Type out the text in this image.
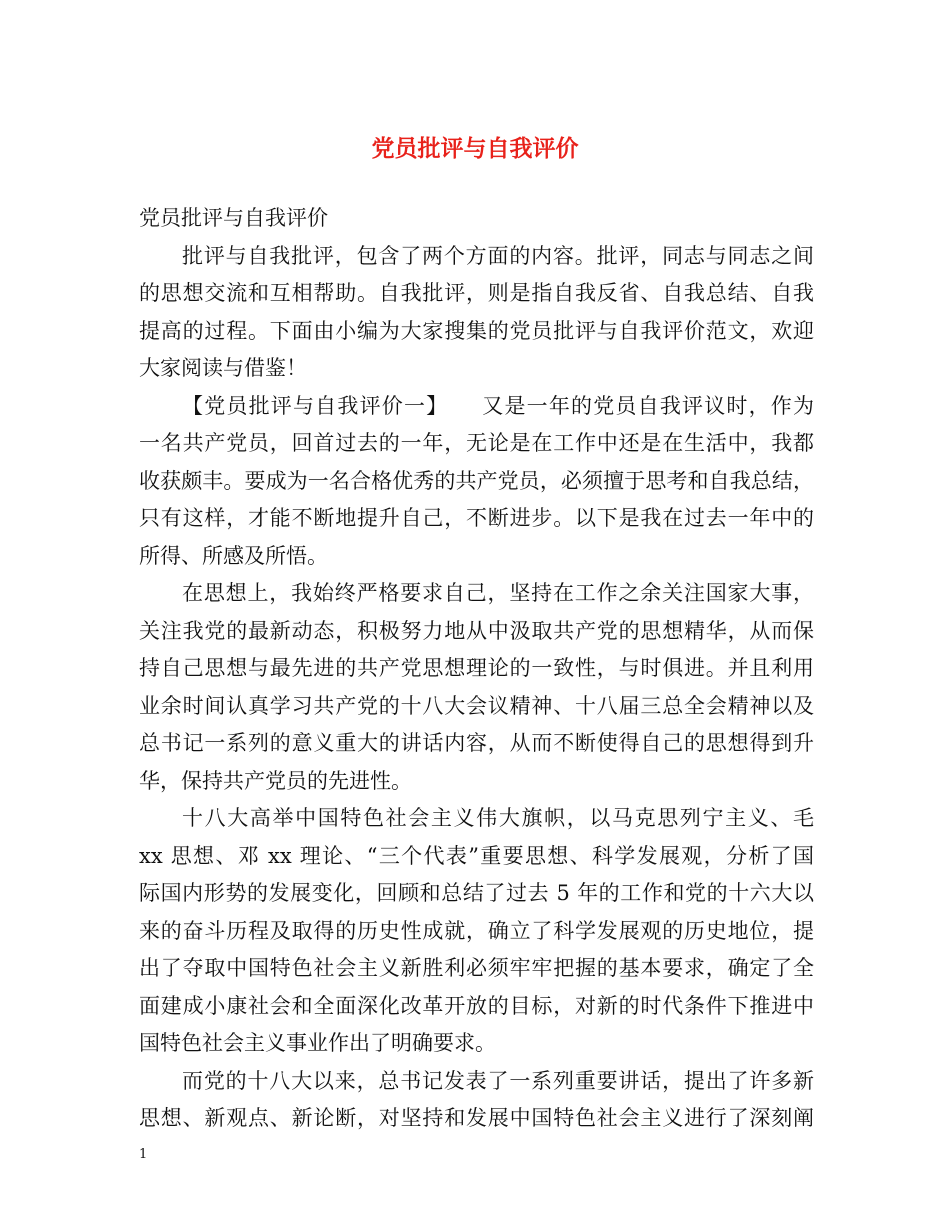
党员批评与自我评价
党员批评与自我评价
批评与自我批评，包含了两个方面的内容。批评，同志与同志之间
的思想交流和互相帮助。自我批评，则是指自我反省、自我总结、自我
提高的过程。下面由小编为大家搜集的党员批评与自我评价范文，欢迎
大家阅读与借鉴！
【党员批评与自我评价一】　　又是一年的党员自我评议时，作为
一名共产党员，回首过去的一年，无论是在工作中还是在生活中，我都
收获颇丰。要成为一名合格优秀的共产党员，必须擅于思考和自我总结，
只有这样，才能不断地提升自己，不断进步。以下是我在过去一年中的
所得、所感及所悟。
在思想上，我始终严格要求自己，坚持在工作之余关注国家大事，
关注我党的最新动态，积极努力地从中汲取共产党的思想精华，从而保
持自己思想与最先进的共产党思想理论的一致性，与时俱进。并且利用
业余时间认真学习共产党的十八大会议精神、十八届三总全会精神以及
总书记一系列的意义重大的讲话内容，从而不断使得自己的思想得到升
华，保持共产党员的先进性。
十八大高举中国特色社会主义伟大旗帜，以马克思列宁主义、毛
xx 思想、邓 xx 理论、“三个代表”重要思想、科学发展观，分析了国
际国内形势的发展变化，回顾和总结了过去 5 年的工作和党的十六大以
来的奋斗历程及取得的历史性成就，确立了科学发展观的历史地位，提
出了夺取中国特色社会主义新胜利必须牢牢把握的基本要求，确定了全
面建成小康社会和全面深化改革开放的目标，对新的时代条件下推进中
国特色社会主义事业作出了明确要求。
而党的十八大以来，总书记发表了一系列重要讲话，提出了许多新
思想、新观点、新论断，对坚持和发展中国特色社会主义进行了深刻阐
1
